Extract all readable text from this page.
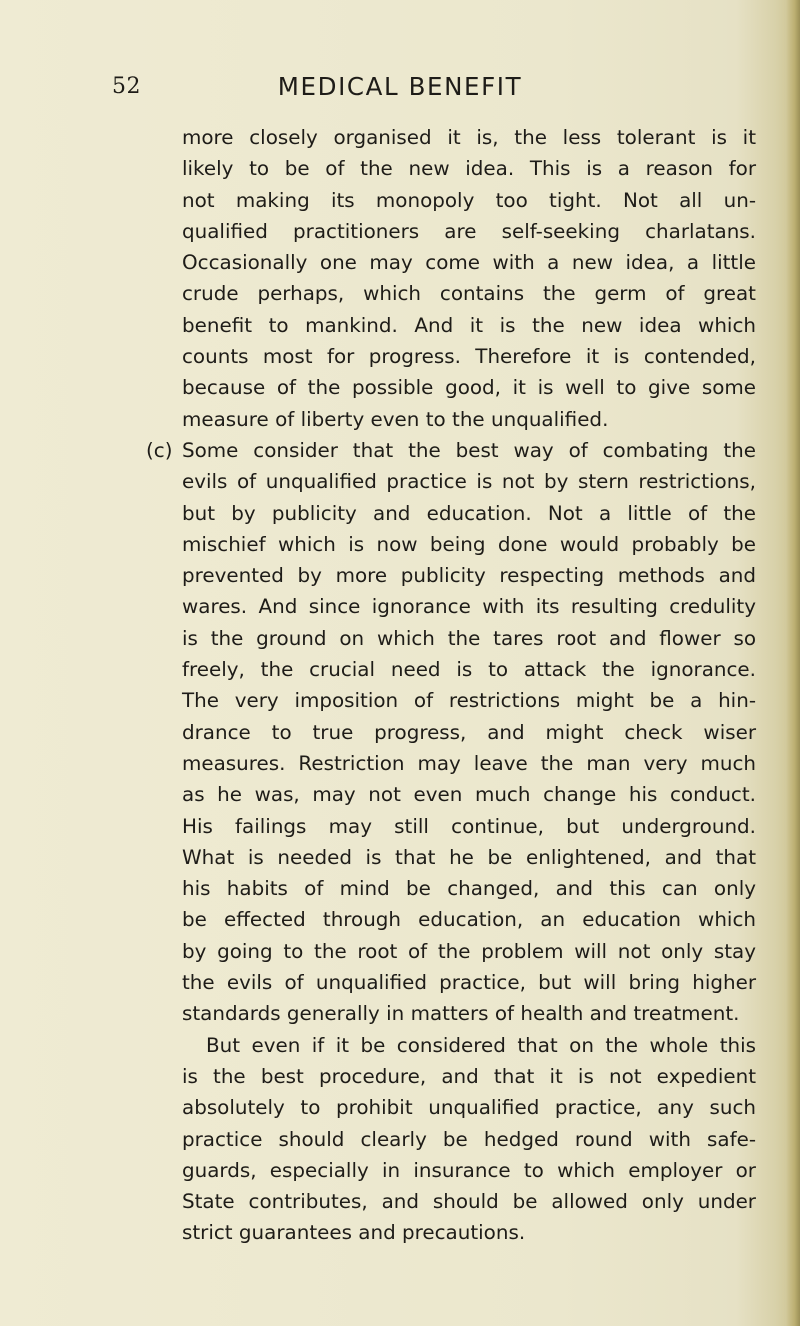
52	MEDICAL BENEFIT
more closely organised it is, the less tolerant is it
likely to be of the new idea. This is a reason for
not making its monopoly too tight. Not all un-
qualified practitioners are self-seeking charlatans.
Occasionally one may come with a new idea, a little
crude perhaps, which contains the germ of great
benefit to mankind. And it is the new idea which
counts most for progress. Therefore it is contended,
because of the possible good, it is well to give some
measure of liberty even to the unqualified.
(c) Some consider that the best way of combating the
evils of unqualified practice is not by stern restrictions,
but by publicity and education. Not a little of the
mischief which is now being done would probably be
prevented by more publicity respecting methods and
wares. And since ignorance with its resulting credulity
is the ground on which the tares root and flower so
freely, the crucial need is to attack the ignorance.
The very imposition of restrictions might be a hin-
drance to true progress, and might check wiser
measures. Restriction may leave the man very much
as he was, may not even much change his conduct.
His failings may still continue, but underground.
What is needed is that he be enlightened, and that
his habits of mind be changed, and this can only
be effected through education, an education which
by going to the root of the problem will not only stay
the evils of unqualified practice, but will bring higher
standards generally in matters of health and treatment.
But even if it be considered that on the whole this
is the best procedure, and that it is not expedient
absolutely to prohibit unqualified practice, any such
practice should clearly be hedged round with safe-
guards, especially in insurance to which employer or
State contributes, and should be allowed only under
strict guarantees and precautions.
